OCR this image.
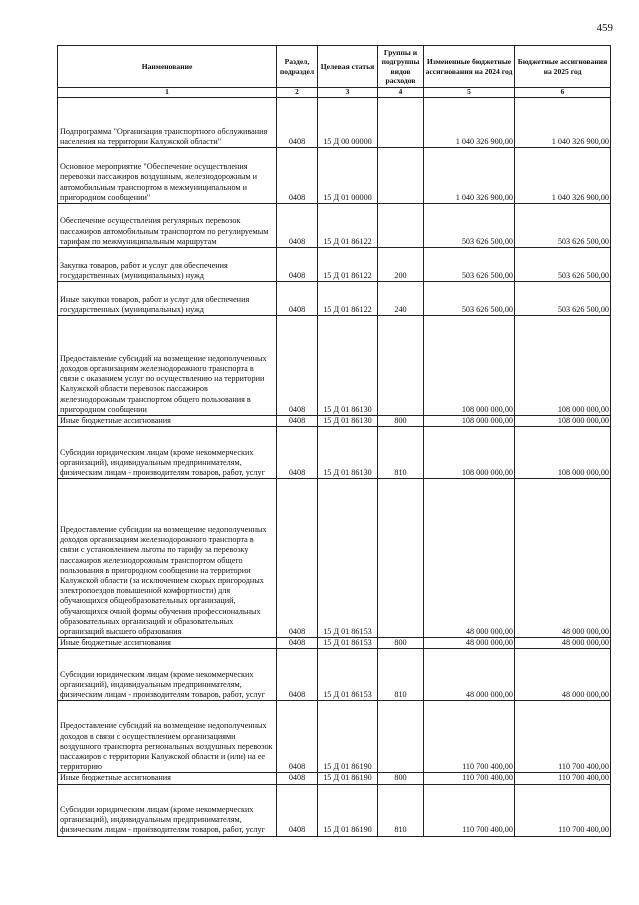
459
Наименование	Раздел, подраздел	Целевая статья	Группы и подгруппы видов расходов	Измененные бюджетные ассигнования на 2024 год	Бюджетные ассигнования на 2025 год
1	2	3	4	5	6
Подпрограмма "Организация транспортного обслуживания населения на территории Калужской области"	0408	15 Д 00 00000		1 040 326 900,00	1 040 326 900,00
Основное мероприятие "Обеспечение осуществления перевозки пассажиров воздушным, железнодорожным и автомобильным транспортом в межмуниципальном и пригородном сообщении"	0408	15 Д 01 00000		1 040 326 900,00	1 040 326 900,00
Обеспечение осуществления регулярных перевозок пассажиров автомобильным транспортом по регулируемым тарифам по межмуниципальным маршрутам	0408	15 Д 01 86122		503 626 500,00	503 626 500,00
Закупка товаров, работ и услуг для обеспечения государственных (муниципальных) нужд	0408	15 Д 01 86122	200	503 626 500,00	503 626 500,00
Иные закупки товаров, работ и услуг для обеспечения государственных (муниципальных) нужд	0408	15 Д 01 86122	240	503 626 500,00	503 626 500,00
Предоставление субсидий на возмещение недополученных доходов организациям железнодорожного транспорта в связи с оказанием услуг по осуществлению на территории Калужской области перевозок пассажиров железнодорожным транспортом общего пользования в пригородном сообщении	0408	15 Д 01 86130		108 000 000,00	108 000 000,00
Иные бюджетные ассигнования	0408	15 Д 01 86130	800	108 000 000,00	108 000 000,00
Субсидии юридическим лицам (кроме некоммерческих организаций), индивидуальным предпринимателям, физическим лицам - производителям товаров, работ, услуг	0408	15 Д 01 86130	810	108 000 000,00	108 000 000,00
Предоставление субсидии на возмещение недополученных доходов организациям железнодорожного транспорта в связи с установлением льготы по тарифу за перевозку пассажиров железнодорожным транспортом общего пользования в пригородном сообщении на территории Калужской области (за исключением скорых пригородных электропоездов повышенной комфортности) для обучающихся общеобразовательных организаций, обучающихся очной формы обучения профессиональных образовательных организаций и образовательных организаций высшего образования	0408	15 Д 01 86153		48 000 000,00	48 000 000,00
Иные бюджетные ассигнования	0408	15 Д 01 86153	800	48 000 000,00	48 000 000,00
Субсидии юридическим лицам (кроме некоммерческих организаций), индивидуальным предпринимателям, физическим лицам - производителям товаров, работ, услуг	0408	15 Д 01 86153	810	48 000 000,00	48 000 000,00
Предоставление субсидий на возмещение недополученных доходов в связи с осуществлением организациями воздушного транспорта региональных воздушных перевозок пассажиров с территории Калужской области и (или) на ее территорию	0408	15 Д 01 86190		110 700 400,00	110 700 400,00
Иные бюджетные ассигнования	0408	15 Д 01 86190	800	110 700 400,00	110 700 400,00
Субсидии юридическим лицам (кроме некоммерческих организаций), индивидуальным предпринимателям, физическим лицам - производителям товаров, работ, услуг	0408	15 Д 01 86190	810	110 700 400,00	110 700 400,00
